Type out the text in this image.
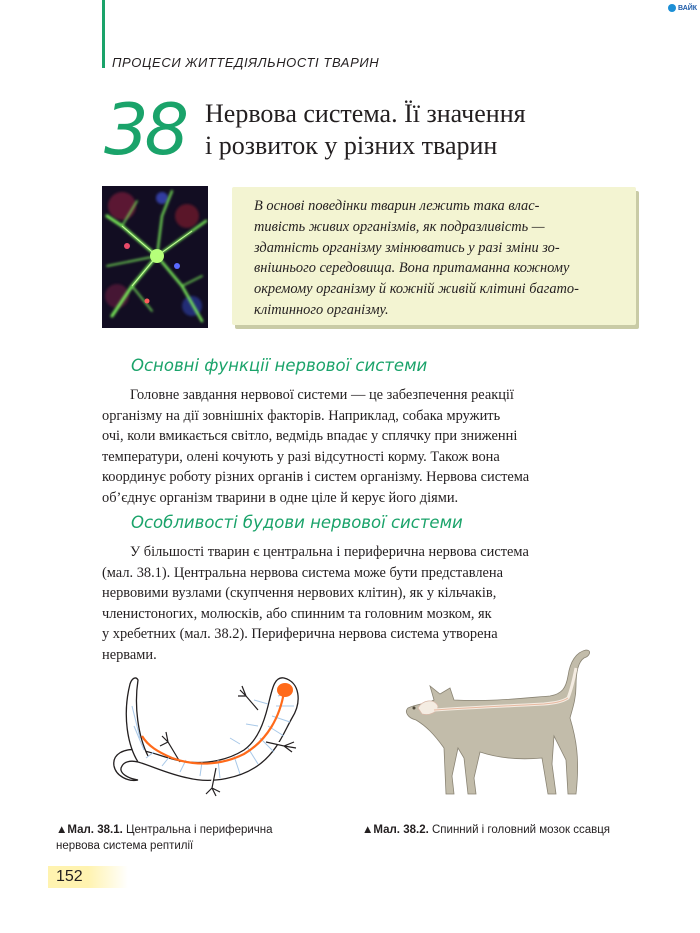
ПРОЦЕСИ ЖИТТЕДІЯЛЬНОСТІ ТВАРИН
ВАЙК
38 Нервова система. Її значення
і розвиток у різних тварин
В основі поведінки тварин лежить така влас-
тивість живих організмів, як подразливість —
здатність організму змінюватись у разі зміни зо-
внішнього середовища. Вона притаманна кожному
окремому організму й кожній живій клітині багато-
клітинного організму.
Основні функції нервової системи
Головне завдання нервової системи — це забезпечення реакції
організму на дії зовнішніх факторів. Наприклад, собака мружить
очі, коли вмикається світло, ведмідь впадає у сплячку при зниженні
температури, олені кочують у разі відсутності корму. Також вона
координує роботу різних органів і систем організму. Нервова система
об’єднує організм тварини в одне ціле й керує його діями.
Особливості будови нервової системи
У більшості тварин є центральна і периферична нервова система
(мал. 38.1). Центральна нервова система може бути представлена
нервовими вузлами (скупчення нервових клітин), як у кільчаків,
членистоногих, молюсків, або спинним та головним мозком, як
у хребетних (мал. 38.2). Периферична нервова система утворена
нервами.
▲Мал. 38.1. Центральна і периферична
нервова система рептилії
▲Мал. 38.2. Спинний і головний мозок ссавця
152
